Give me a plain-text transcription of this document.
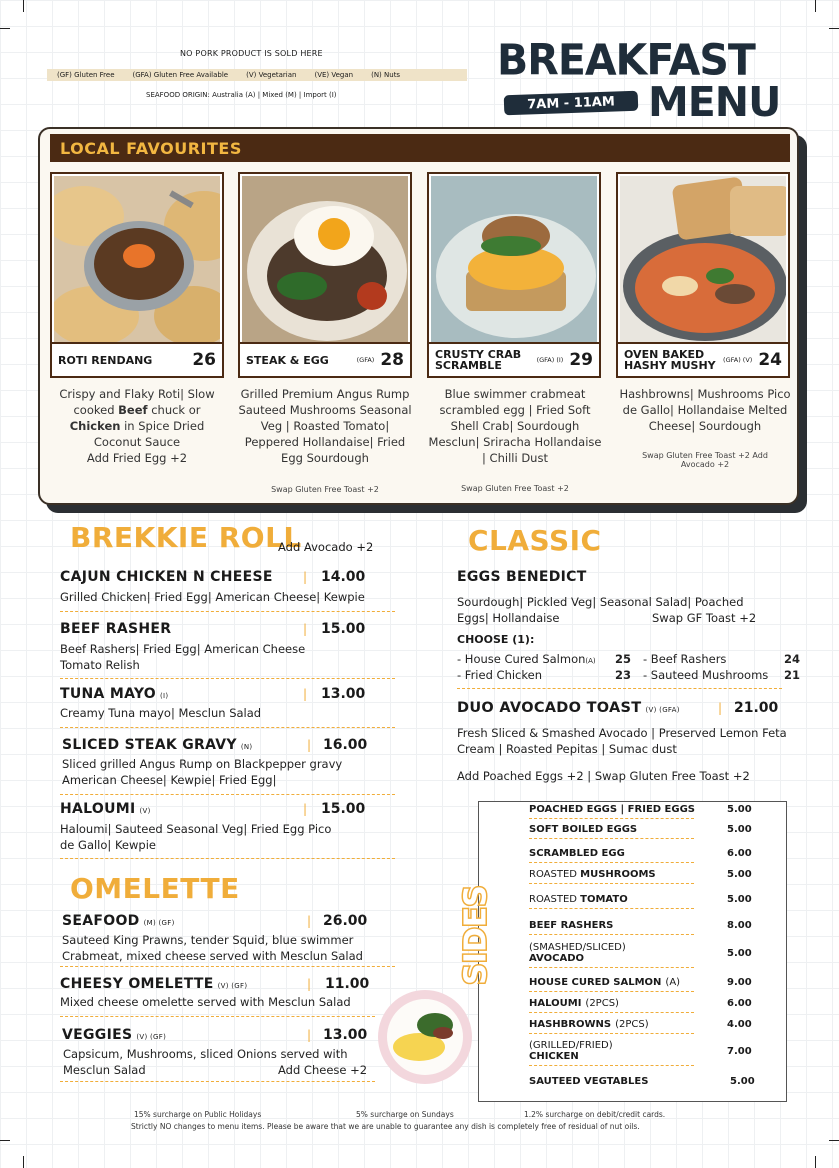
NO PORK PRODUCT IS SOLD HERE
(GF) Gluten Free	(GFA) Gluten Free Available	(V) Vegetarian	(VE) Vegan	(N) Nuts
SEAFOOD ORIGIN: Australia (A) | Mixed (M) | Import (I)
BREAKFAST
MENU
7AM - 11AM
LOCAL FAVOURITES
ROTI RENDANG	26	STEAK & EGG	(GFA) 28	CRUSTY CRAB SCRAMBLE	(GFA) (I) 29	OVEN BAKED HASHY MUSHY	(GFA) (V) 24
Crispy and Flaky Roti| Slow cooked Beef chuck or Chicken in Spice Dried Coconut Sauce
Add Fried Egg +2
Grilled Premium Angus Rump Sauteed Mushrooms Seasonal Veg | Roasted Tomato| Peppered Hollandaise| Fried Egg Sourdough
Swap Gluten Free Toast +2
Blue swimmer crabmeat scrambled egg | Fried Soft Shell Crab| Sourdough Mesclun| Sriracha Hollandaise | Chilli Dust
Swap Gluten Free Toast +2
Hashbrowns| Mushrooms Pico de Gallo| Hollandaise Melted Cheese| Sourdough
Swap Gluten Free Toast +2 Add Avocado +2
BREKKIE ROLL
Add Avocado +2
CAJUN CHICKEN N CHEESE	| 14.00
Grilled Chicken| Fried Egg| American Cheese| Kewpie
BEEF RASHER	| 15.00
Beef Rashers| Fried Egg| American Cheese Tomato Relish
TUNA MAYO (I)	| 13.00
Creamy Tuna mayo| Mesclun Salad
SLICED STEAK GRAVY (N)	| 16.00
Sliced grilled Angus Rump on Blackpepper gravy American Cheese| Kewpie| Fried Egg|
HALOUMI (V)	| 15.00
Haloumi| Sauteed Seasonal Veg| Fried Egg Pico de Gallo| Kewpie
OMELETTE
SEAFOOD (M) (GF)	| 26.00
Sauteed King Prawns, tender Squid, blue swimmer Crabmeat, mixed cheese served with Mesclun Salad
CHEESY OMELETTE (V) (GF)	| 11.00
Mixed cheese omelette served with Mesclun Salad
VEGGIES (V) (GF)	| 13.00
Capsicum, Mushrooms, sliced Onions served with Mesclun Salad	Add Cheese +2
CLASSIC
EGGS BENEDICT
Sourdough| Pickled Veg| Seasonal Salad| Poached Eggs| Hollandaise	Swap GF Toast +2
CHOOSE (1):
- House Cured Salmon(A) 25 - Beef Rashers	24
- Fried Chicken	23 - Sauteed Mushrooms 21
DUO AVOCADO TOAST (V) (GFA)	| 21.00
Fresh Sliced & Smashed Avocado | Preserved Lemon Feta Cream | Roasted Pepitas | Sumac dust
Add Poached Eggs +2 | Swap Gluten Free Toast +2
SIDES
POACHED EGGS | FRIED EGGS	5.00
SOFT BOILED EGGS	5.00
SCRAMBLED EGG	6.00
ROASTED MUSHROOMS	5.00
ROASTED TOMATO	5.00
BEEF RASHERS	8.00
(SMASHED/SLICED)
AVOCADO	5.00
HOUSE CURED SALMON (A)	9.00
HALOUMI (2PCS)	6.00
HASHBROWNS (2PCS)	4.00
(GRILLED/FRIED)
CHICKEN	7.00
SAUTEED VEGTABLES	5.00
15% surcharge on Public Holidays	5% surcharge on Sundays	1.2% surcharge on debit/credit cards.
Strictly NO changes to menu items. Please be aware that we are unable to guarantee any dish is completely free of residual of nut oils.
